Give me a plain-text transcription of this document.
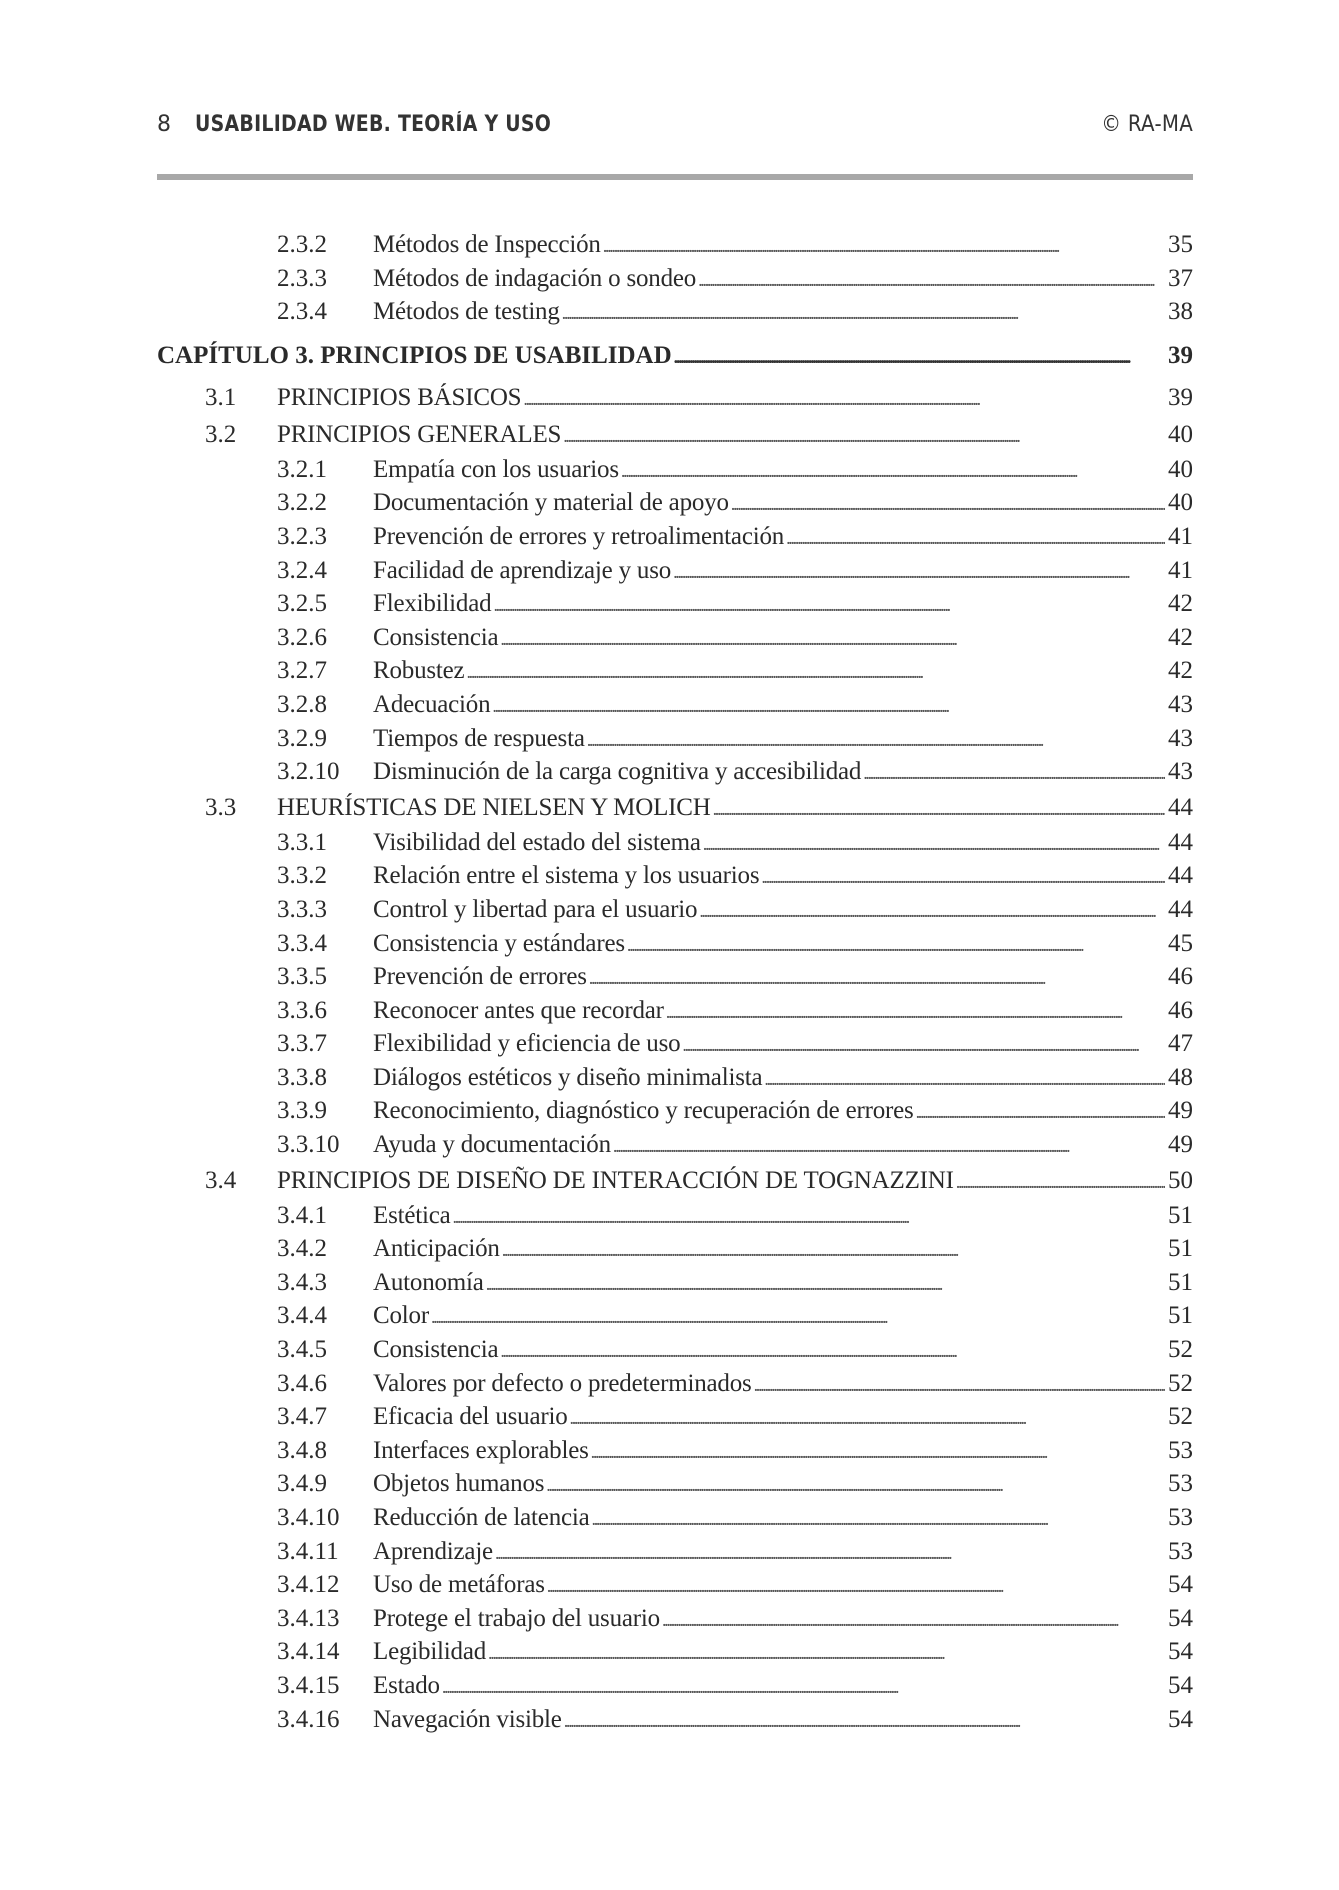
8 USABILIDAD WEB. TEORÍA Y USO	© RA-MA
2.3.2	Métodos de Inspección . . .	35
2.3.3	Métodos de indagación o sondeo . . .	37
2.3.4	Métodos de testing . . .	38
CAPÍTULO 3. PRINCIPIOS DE USABILIDAD . . .	39
3.1	PRINCIPIOS BÁSICOS . . .	39
3.2	PRINCIPIOS GENERALES . . .	40
3.2.1	Empatía con los usuarios . . .	40
3.2.2	Documentación y material de apoyo . . .	40
3.2.3	Prevención de errores y retroalimentación . . .	41
3.2.4	Facilidad de aprendizaje y uso . . .	41
3.2.5	Flexibilidad . . .	42
3.2.6	Consistencia . . .	42
3.2.7	Robustez . . .	42
3.2.8	Adecuación . . .	43
3.2.9	Tiempos de respuesta . . .	43
3.2.10	Disminución de la carga cognitiva y accesibilidad . . .	43
3.3	HEURÍSTICAS DE NIELSEN Y MOLICH . . .	44
3.3.1	Visibilidad del estado del sistema . . .	44
3.3.2	Relación entre el sistema y los usuarios . . .	44
3.3.3	Control y libertad para el usuario . . .	44
3.3.4	Consistencia y estándares . . .	45
3.3.5	Prevención de errores . . .	46
3.3.6	Reconocer antes que recordar . . .	46
3.3.7	Flexibilidad y eficiencia de uso . . .	47
3.3.8	Diálogos estéticos y diseño minimalista . . .	48
3.3.9	Reconocimiento, diagnóstico y recuperación de errores . . .	49
3.3.10	Ayuda y documentación . . .	49
3.4	PRINCIPIOS DE DISEÑO DE INTERACCIÓN DE TOGNAZZINI . . .	50
3.4.1	Estética . . .	51
3.4.2	Anticipación . . .	51
3.4.3	Autonomía . . .	51
3.4.4	Color . . .	51
3.4.5	Consistencia . . .	52
3.4.6	Valores por defecto o predeterminados . . .	52
3.4.7	Eficacia del usuario . . .	52
3.4.8	Interfaces explorables . . .	53
3.4.9	Objetos humanos . . .	53
3.4.10	Reducción de latencia . . .	53
3.4.11	Aprendizaje . . .	53
3.4.12	Uso de metáforas . . .	54
3.4.13	Protege el trabajo del usuario . . .	54
3.4.14	Legibilidad . . .	54
3.4.15	Estado . . .	54
3.4.16	Navegación visible . . .	54
